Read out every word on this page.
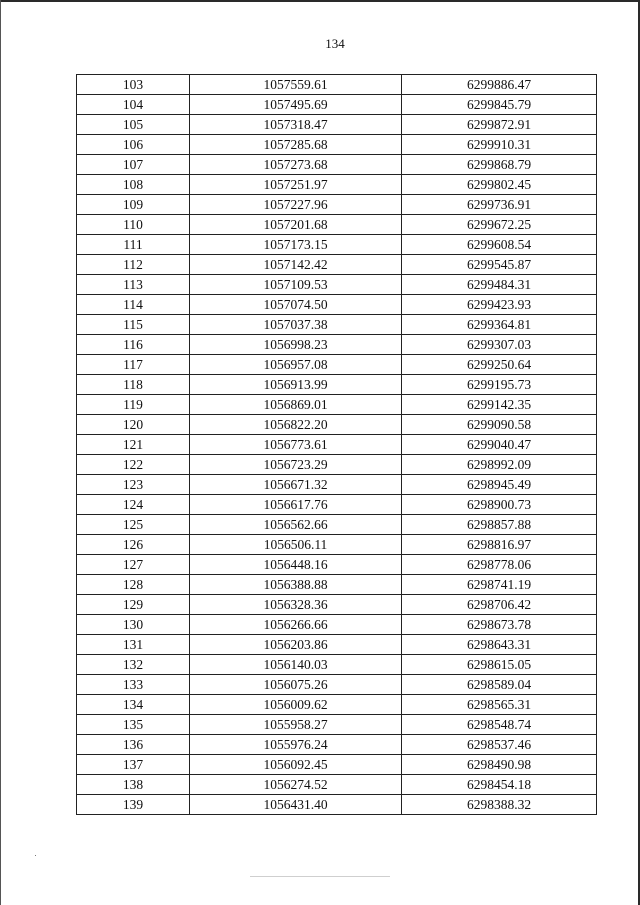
134
103	1057559.61	6299886.47
104	1057495.69	6299845.79
105	1057318.47	6299872.91
106	1057285.68	6299910.31
107	1057273.68	6299868.79
108	1057251.97	6299802.45
109	1057227.96	6299736.91
110	1057201.68	6299672.25
111	1057173.15	6299608.54
112	1057142.42	6299545.87
113	1057109.53	6299484.31
114	1057074.50	6299423.93
115	1057037.38	6299364.81
116	1056998.23	6299307.03
117	1056957.08	6299250.64
118	1056913.99	6299195.73
119	1056869.01	6299142.35
120	1056822.20	6299090.58
121	1056773.61	6299040.47
122	1056723.29	6298992.09
123	1056671.32	6298945.49
124	1056617.76	6298900.73
125	1056562.66	6298857.88
126	1056506.11	6298816.97
127	1056448.16	6298778.06
128	1056388.88	6298741.19
129	1056328.36	6298706.42
130	1056266.66	6298673.78
131	1056203.86	6298643.31
132	1056140.03	6298615.05
133	1056075.26	6298589.04
134	1056009.62	6298565.31
135	1055958.27	6298548.74
136	1055976.24	6298537.46
137	1056092.45	6298490.98
138	1056274.52	6298454.18
139	1056431.40	6298388.32
